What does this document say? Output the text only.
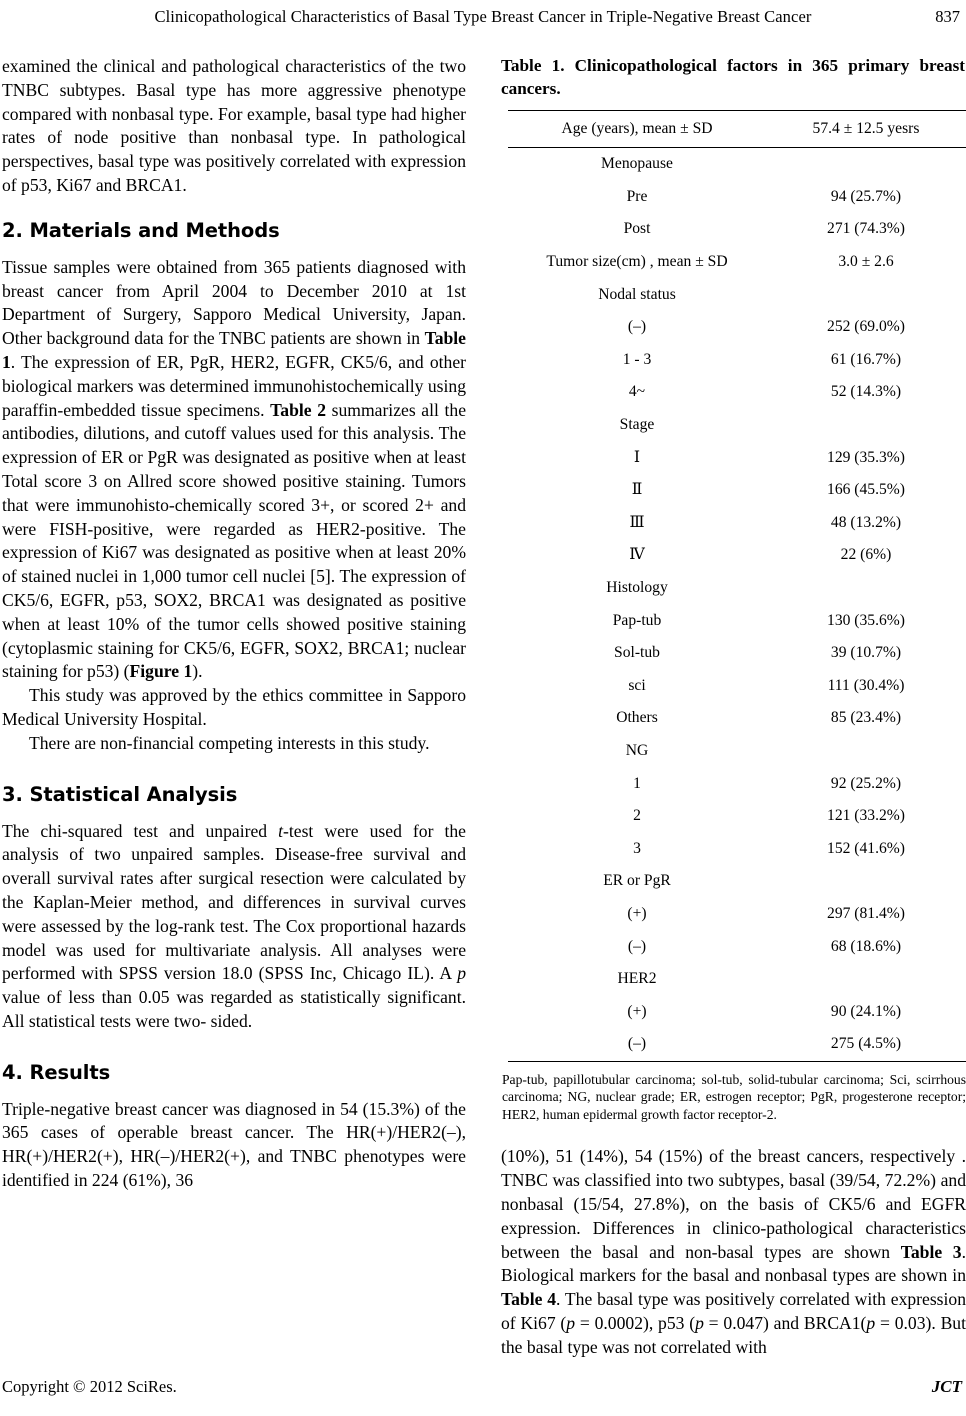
Clinicopathological Characteristics of Basal Type Breast Cancer in Triple-Negative Breast Cancer	837

examined the clinical and pathological characteristics of the two TNBC subtypes. Basal type has more aggressive phenotype compared with nonbasal type. For example, basal type had higher rates of node positive than nonbasal type. In pathological perspectives, basal type was positively correlated with expression of p53, Ki67 and BRCA1.

2. Materials and Methods

Tissue samples were obtained from 365 patients diagnosed with breast cancer from April 2004 to December 2010 at 1st Department of Surgery, Sapporo Medical University, Japan. Other background data for the TNBC patients are shown in Table 1. The expression of ER, PgR, HER2, EGFR, CK5/6, and other biological markers was determined immunohistochemically using paraffin-embedded tissue specimens. Table 2 summarizes all the antibodies, dilutions, and cutoff values used for this analysis. The expression of ER or PgR was designated as positive when at least Total score 3 on Allred score showed positive staining. Tumors that were immunohisto-chemically scored 3+, or scored 2+ and were FISH-positive, were regarded as HER2-positive. The expression of Ki67 was designated as positive when at least 20% of stained nuclei in 1,000 tumor cell nuclei [5]. The expression of CK5/6, EGFR, p53, SOX2, BRCA1 was designated as positive when at least 10% of the tumor cells showed positive staining (cytoplasmic staining for CK5/6, EGFR, SOX2, BRCA1; nuclear staining for p53) (Figure 1).

This study was approved by the ethics committee in Sapporo Medical University Hospital.

There are non-financial competing interests in this study.

3. Statistical Analysis

The chi-squared test and unpaired t-test were used for the analysis of two unpaired samples. Disease-free survival and overall survival rates after surgical resection were calculated by the Kaplan-Meier method, and differences in survival curves were assessed by the log-rank test. The Cox proportional hazards model was used for multivariate analysis. All analyses were performed with SPSS version 18.0 (SPSS Inc, Chicago IL). A p value of less than 0.05 was regarded as statistically significant. All statistical tests were two- sided.

4. Results

Triple-negative breast cancer was diagnosed in 54 (15.3%) of the 365 cases of operable breast cancer. The HR(+)/HER2(–), HR(+)/HER2(+), HR(–)/HER2(+), and TNBC phenotypes were identified in 224 (61%), 36

Table 1. Clinicopathological factors in 365 primary breast cancers.

Age (years), mean ± SD	57.4 ± 12.5 yesrs
Menopause	
Pre	94 (25.7%)
Post	271 (74.3%)
Tumor size(cm) , mean ± SD	3.0 ± 2.6
Nodal status	
(–)	252 (69.0%)
1 - 3	61 (16.7%)
4~	52 (14.3%)
Stage	
Ⅰ	129 (35.3%)
Ⅱ	166 (45.5%)
Ⅲ	48 (13.2%)
Ⅳ	22 (6%)
Histology	
Pap-tub	130 (35.6%)
Sol-tub	39 (10.7%)
sci	111 (30.4%)
Others	85 (23.4%)
NG	
1	92 (25.2%)
2	121 (33.2%)
3	152 (41.6%)
ER or PgR	
(+)	297 (81.4%)
(–)	68 (18.6%)
HER2	
(+)	90 (24.1%)
(–)	275 (4.5%)

Pap-tub, papillotubular carcinoma; sol-tub, solid-tubular carcinoma; Sci, scirrhous carcinoma; NG, nuclear grade; ER, estrogen receptor; PgR, progesterone receptor; HER2, human epidermal growth factor receptor-2.

(10%), 51 (14%), 54 (15%) of the breast cancers, respectively . TNBC was classified into two subtypes, basal (39/54, 72.2%) and nonbasal (15/54, 27.8%), on the basis of CK5/6 and EGFR expression. Differences in clinico-pathological characteristics between the basal and non-basal types are shown Table 3. Biological markers for the basal and nonbasal types are shown in Table 4. The basal type was positively correlated with expression of Ki67 (p = 0.0002), p53 (p = 0.047) and BRCA1(p = 0.03). But the basal type was not correlated with

Copyright © 2012 SciRes.	JCT
